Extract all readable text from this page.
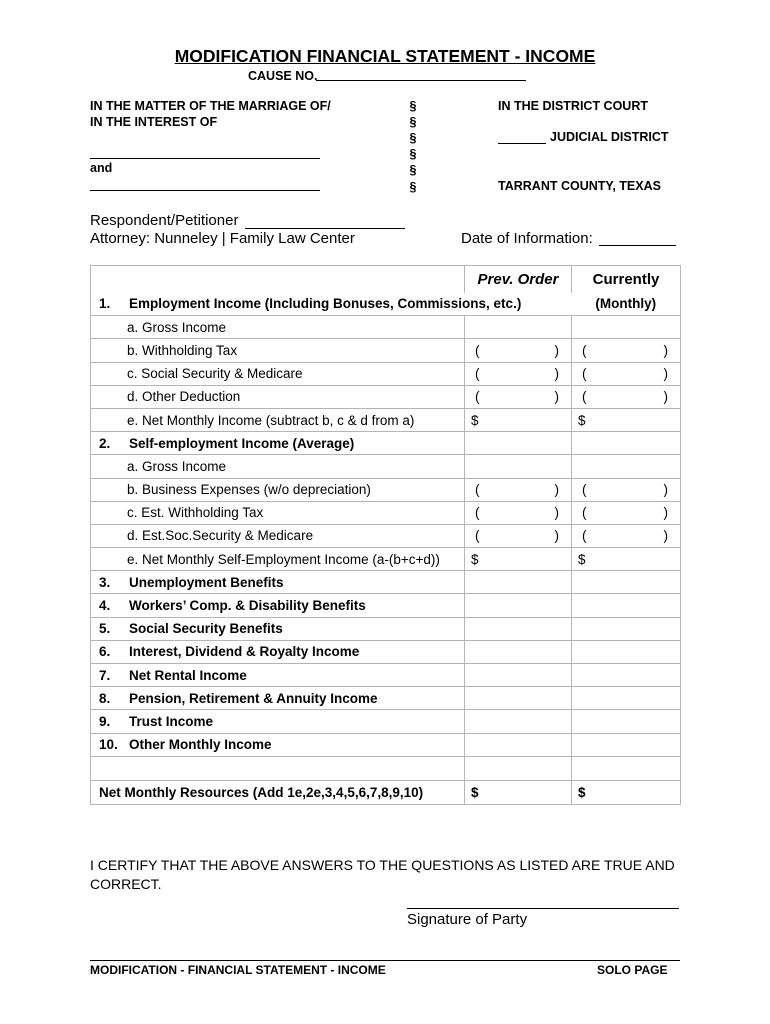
MODIFICATION FINANCIAL STATEMENT - INCOME
CAUSE NO.
IN THE MATTER OF THE MARRIAGE OF/
IN THE INTEREST OF
and
§
§
§
§
§
§
IN THE DISTRICT COURT
JUDICIAL DISTRICT
TARRANT COUNTY, TEXAS
Respondent/Petitioner
Attorney: Nunneley | Family Law Center	Date of Information:

	Prev. Order	Currently

1. Employment Income (Including Bonuses, Commissions, etc.)		(Monthly)

a. Gross Income		
b. Withholding Tax	( )	( )

c. Social Security & Medicare	( )	( )

d. Other Deduction	( )	( )

e. Net Monthly Income (subtract b, c & d from a)	$	$
2. Self-employment Income (Average)		
a. Gross Income		
b. Business Expenses (w/o depreciation)	( )	( )

c. Est. Withholding Tax	( )	( )

d. Est.Soc.Security & Medicare	( )	( )

e. Net Monthly Self-Employment Income (a-(b+c+d))	$	$
3. Unemployment Benefits		
4. Workers’ Comp. & Disability Benefits		
5. Social Security Benefits		
6. Interest, Dividend & Royalty Income		
7. Net Rental Income		
8. Pension, Retirement & Annuity Income		
9. Trust Income		
10. Other Monthly Income		

Net Monthly Resources (Add 1e,2e,3,4,5,6,7,8,9,10)	$	$
I CERTIFY THAT THE ABOVE ANSWERS TO THE QUESTIONS AS LISTED ARE TRUE AND CORRECT.
Signature of Party
MODIFICATION - FINANCIAL STATEMENT - INCOME	SOLO PAGE
